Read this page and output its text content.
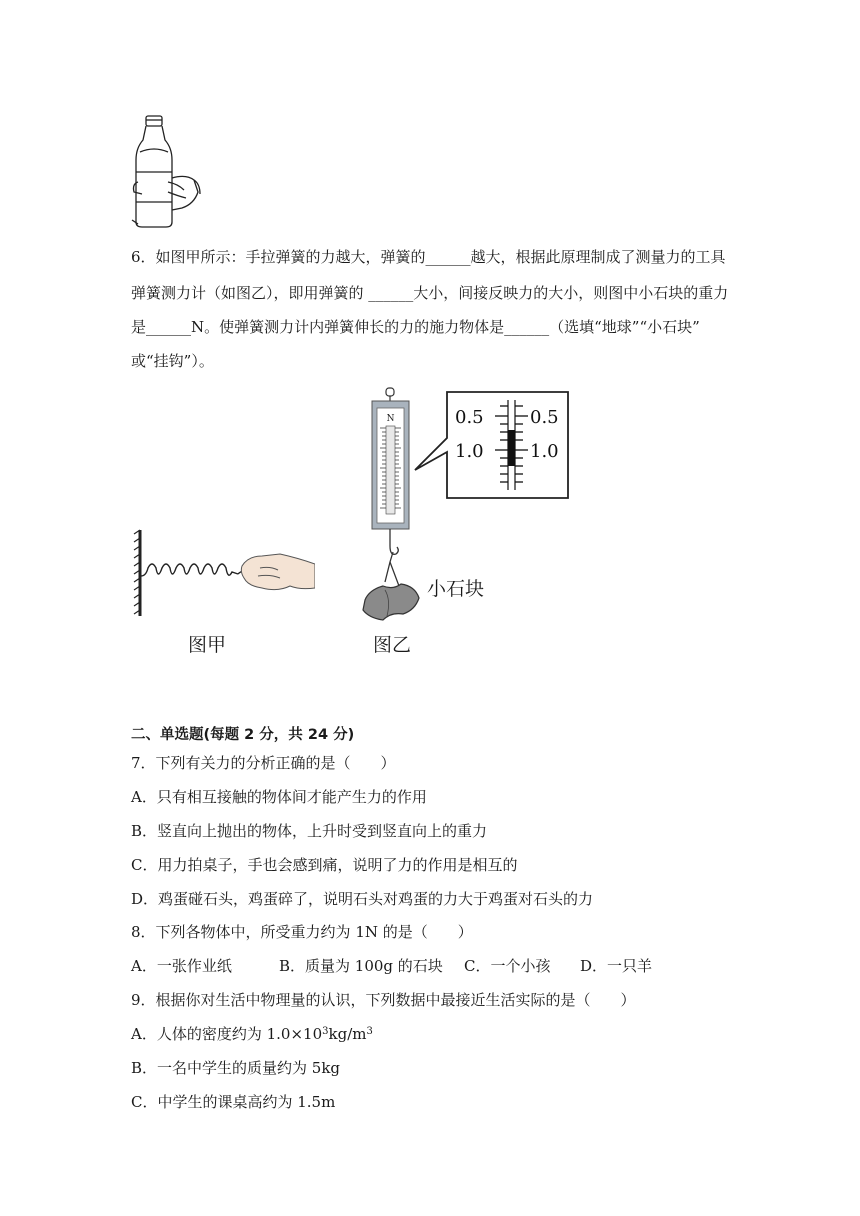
6．如图甲所示：手拉弹簧的力越大，弹簧的______越大，根据此原理制成了测量力的工具
弹簧测力计（如图乙），即用弹簧的 ______大小，间接反映力的大小，则图中小石块的重力
是______N。使弹簧测力计内弹簧伸长的力的施力物体是______（选填“地球”“小石块”
或“挂钩”）。
图甲
N	0.5
1.0
0.5
1.0
小石块
图乙
二、单选题(每题 2 分，共 24 分)
7．下列有关力的分析正确的是（　　）
A．只有相互接触的物体间才能产生力的作用
B．竖直向上抛出的物体，上升时受到竖直向上的重力
C．用力拍桌子，手也会感到痛，说明了力的作用是相互的
D．鸡蛋碰石头，鸡蛋碎了，说明石头对鸡蛋的力大于鸡蛋对石头的力
8．下列各物体中，所受重力约为 1N 的是（　　）
A．一张作业纸	B．质量为 100g 的石块 C．一个小孩 D．一只羊
9．根据你对生活中物理量的认识，下列数据中最接近生活实际的是（　　）
A．人体的密度约为 $1.0\times 10^3kg/m^3$
B．一名中学生的质量约为 5kg
C．中学生的课桌高约为 1.5m
